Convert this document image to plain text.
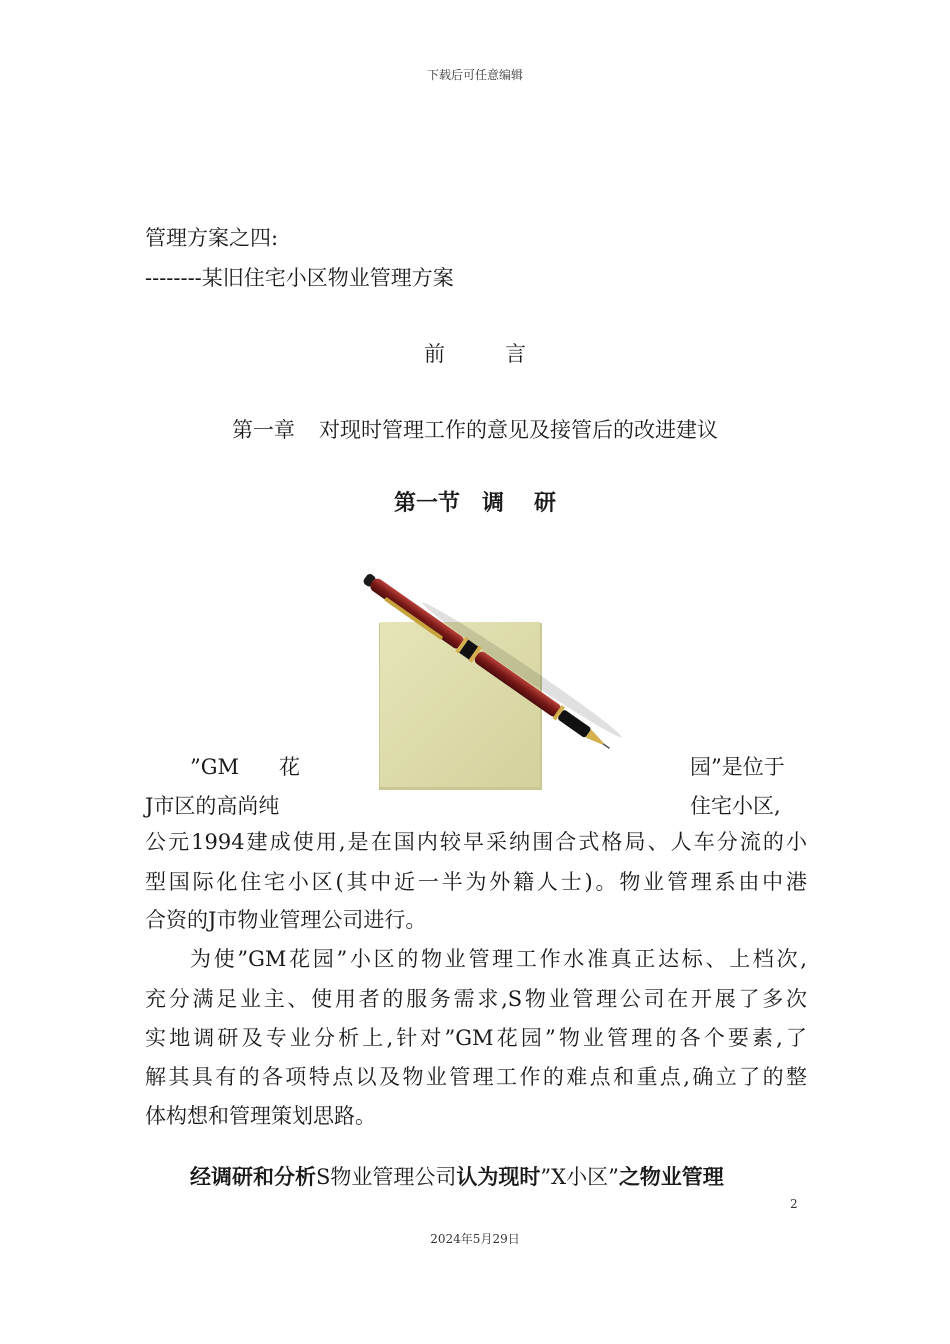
下载后可任意编辑
管理方案之四:
--------某旧住宅小区物业管理方案
前	言
第一章 对现时管理工作的意见及接管后的改进建议
第一节 调 研
”GM 花	园”是位于
J市区的高尚纯	住宅小区,
公元1994建成使用,是在国内较早采纳围合式格局、人车分流的小
型国际化住宅小区(其中近一半为外籍人士)。物业管理系由中港
合资的J市物业管理公司进行。
为使”GM花园”小区的物业管理工作水准真正达标、上档次,
充分满足业主、使用者的服务需求,S物业管理公司在开展了多次
实地调研及专业分析上,针对”GM花园”物业管理的各个要素,了
解其具有的各项特点以及物业管理工作的难点和重点,确立了的整
体构想和管理策划思路。
经调研和分析S物业管理公司认为现时”X小区”之物业管理
2
2024年5月29日
